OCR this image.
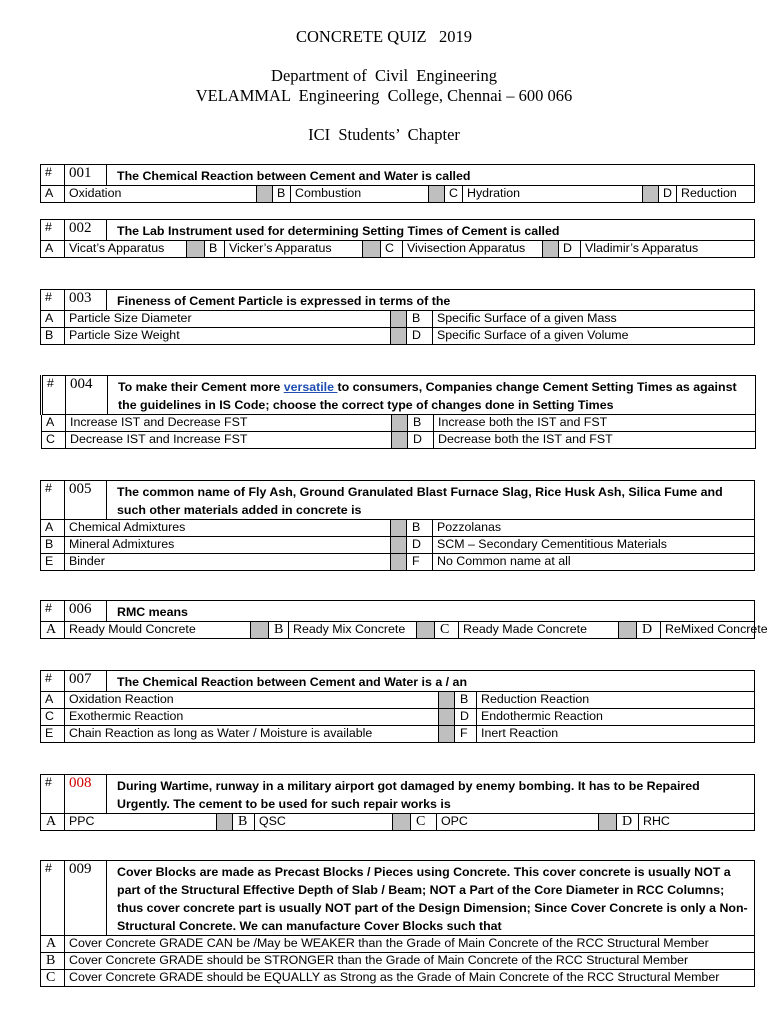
CONCRETE QUIZ   2019
Department of  Civil  Engineering
VELAMMAL  Engineering  College, Chennai – 600 066
ICI  Students’  Chapter
#	001	The Chemical Reaction between Cement and Water is called									
A	Oxidation			B	Combustion		C	Hydration		D	Reduction
#	002	The Lab Instrument used for determining Setting Times of Cement is called									
A	Vicat’s Apparatus			B	Vicker’s Apparatus		C	Vivisection Apparatus		D	Vladimir’s Apparatus
#	003	Fineness of Cement Particle is expressed in terms of the			
A	Particle Size Diameter			B	Specific Surface of a given Mass
B	Particle Size Weight			D	Specific Surface of a given Volume
#	004	To make their Cement more versatile to consumers, Companies change Cement Setting Times as against the guidelines in IS Code; choose the correct type of changes done in Setting Times			
A	Increase IST and Decrease FST			B	Increase both the IST and FST
C	Decrease IST and Increase FST			D	Decrease both the IST and FST
#	005	The common name of Fly Ash, Ground Granulated Blast Furnace Slag, Rice Husk Ash, Silica Fume and such other materials added in concrete is			
A	Chemical Admixtures			B	Pozzolanas
B	Mineral Admixtures			D	SCM – Secondary Cementitious Materials
E	Binder			F	No Common name at all
#	006	RMC means									
A	Ready Mould Concrete			B	Ready Mix Concrete		C	Ready Made Concrete		D	ReMixed Concrete
#	007	The Chemical Reaction between Cement and Water is a / an			
A	Oxidation Reaction			B	Reduction Reaction
C	Exothermic Reaction			D	Endothermic Reaction
E	Chain Reaction as long as Water / Moisture is available			F	Inert Reaction
#	008	During Wartime, runway in a military airport got damaged by enemy bombing. It has to be Repaired Urgently. The cement to be used for such repair works is									
A	PPC			B	QSC		C	OPC		D	RHC
#	009	Cover Blocks are made as Precast Blocks / Pieces using Concrete. This cover concrete is usually NOT a part of the Structural Effective Depth of Slab / Beam; NOT a Part of the Core Diameter in RCC Columns; thus cover concrete part is usually NOT part of the Design Dimension; Since Cover Concrete is only a Non-Structural Concrete. We can manufacture Cover Blocks such that
A	Cover Concrete GRADE CAN be /May be WEAKER than the Grade of Main Concrete of the RCC Structural Member	
B	Cover Concrete GRADE should be STRONGER than the Grade of Main Concrete of the RCC Structural Member	
C	Cover Concrete GRADE should be EQUALLY as Strong as the Grade of Main Concrete of the RCC Structural Member	
